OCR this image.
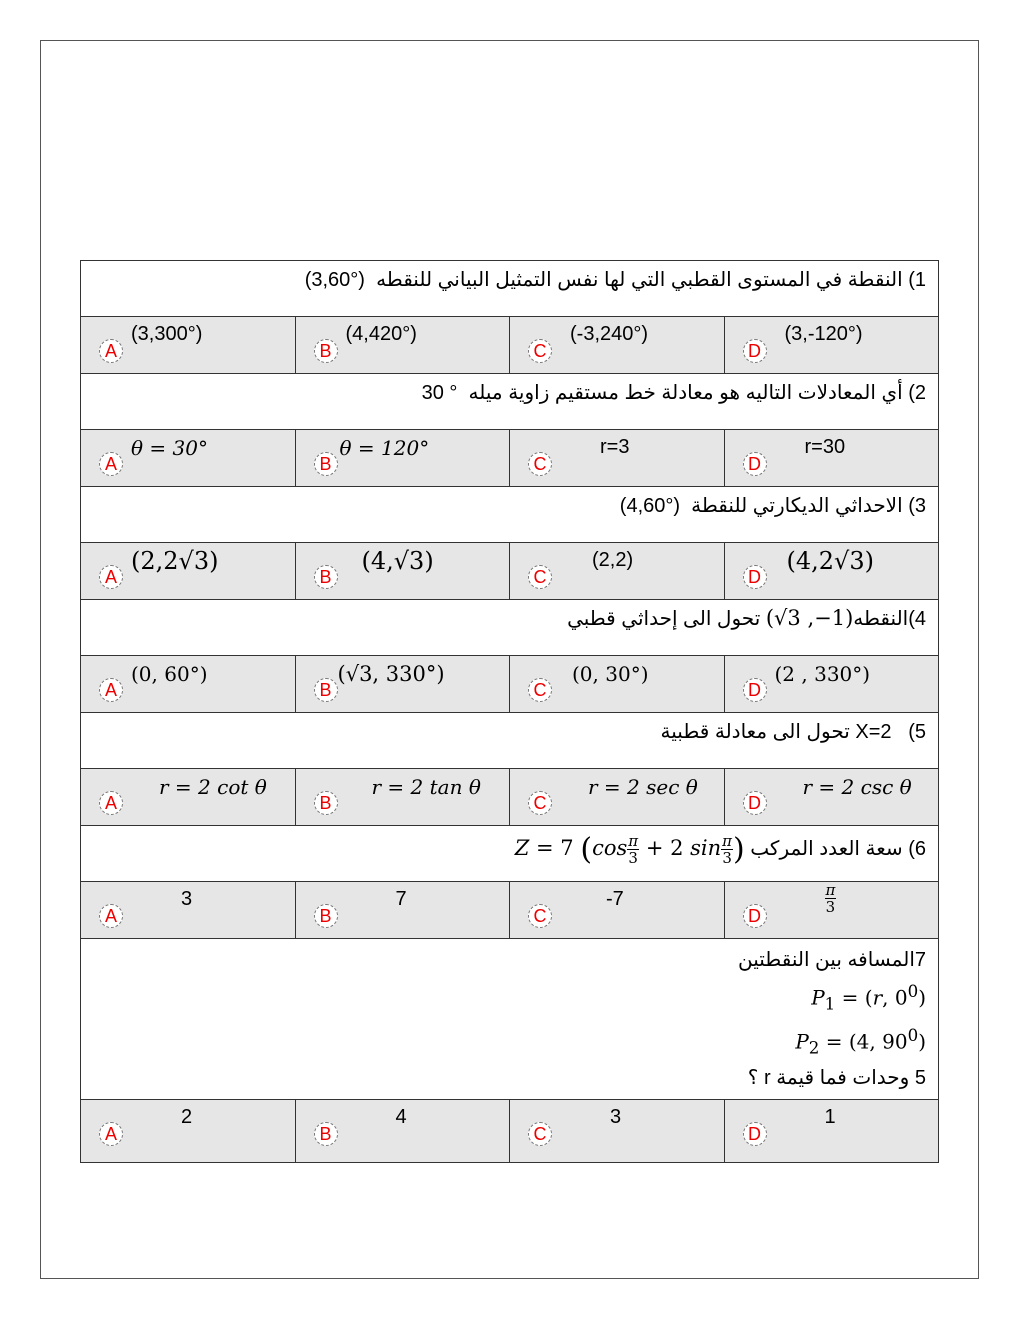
1) النقطة في المستوى القطبي التي لها نفس التمثيل البياني للنقطه  (3,60°)
A
(3,300°)
B
(4,420°)
C
(-3,240°)
D
(3,-120°)
2) أي المعادلات التاليه هو معادلة خط مستقيم زاوية ميله  30 °
A
θ = 30°
B
θ = 120°
C
r=3
D
r=30
3) الاحداثي الديكارتي للنقطة  (4,60°)
A
(2,2√3)
B
(4,√3)
C
(2,2)
D
(4,2√3)
4)النقطه(√3 ,−1) تحول الى إحداثي قطبي
A
(0, 60°)
B
(√3, 330°)
C
(0, 30°)
D
(2 , 330°)
5)   X=2 تحول الى معادلة قطبية
A
r = 2 cot θ
B
r = 2 tan θ
C
r = 2 sec θ
D
r = 2 csc θ
6) سعة العدد المركب Z = 7 ($\cos \frac{\pi}{3} + 2$ $\sin \frac{\pi}{3}$ )
A
3
B
7
C
-7
D
$\frac{\pi}{3}$
7المسافه بين النقطتين
$P_1 = (r$, $0^0$)
$P_2 = (4$, $90^0$)
5 وحدات فما قيمة r ؟
A
2
B
4
C
3
D
1
